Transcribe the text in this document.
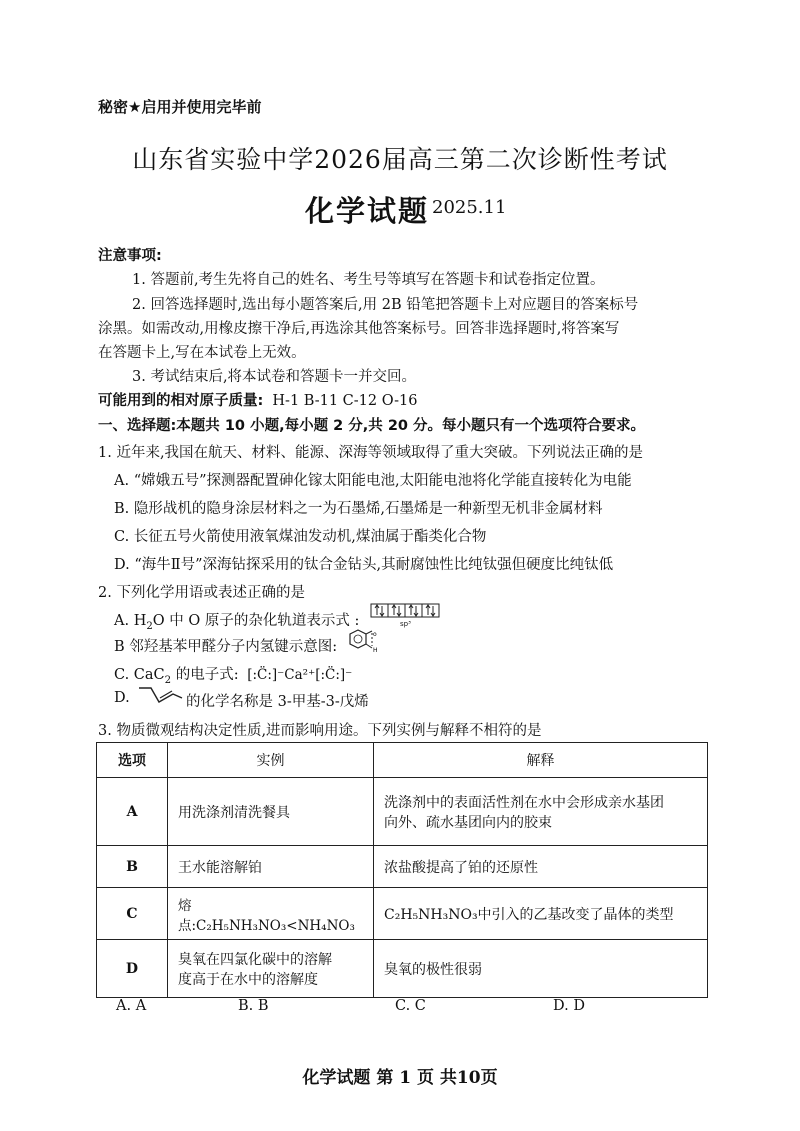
秘密★启用并使用完毕前
山东省实验中学2026届高三第二次诊断性考试
化学试题 2025.11
注意事项:
1. 答题前,考生先将自己的姓名、考生号等填写在答题卡和试卷指定位置。
2. 回答选择题时,选出每小题答案后,用 2B 铅笔把答题卡上对应题目的答案标号
涂黑。如需改动,用橡皮擦干净后,再选涂其他答案标号。回答非选择题时,将答案写
在答题卡上,写在本试卷上无效。
3. 考试结束后,将本试卷和答题卡一并交回。
可能用到的相对原子质量: H-1 B-11 C-12 O-16
一、选择题:本题共 10 小题,每小题 2 分,共 20 分。每小题只有一个选项符合要求。
1. 近年来,我国在航天、材料、能源、深海等领域取得了重大突破。下列说法正确的是
A. “嫦娥五号”探测器配置砷化镓太阳能电池,太阳能电池将化学能直接转化为电能
B. 隐形战机的隐身涂层材料之一为石墨烯,石墨烯是一种新型无机非金属材料
C. 长征五号火箭使用液氧煤油发动机,煤油属于酯类化合物
D. “海牛Ⅱ号”深海钻探采用的钛合金钻头,其耐腐蚀性比纯钛强但硬度比纯钛低
2. 下列化学用语或表述正确的是
A. $H_2O$ 中 O 原子的杂化轨道表示式 :	sp³
B 邻羟基苯甲醛分子内氢键示意图:
o
H
C. CaC$_2$ 的电子式: [:C̈:]⁻Ca²⁺[:C̈:]⁻
D.	的化学名称是 3-甲基-3-戊烯
3. 物质微观结构决定性质,进而影响用途。下列实例与解释不相符的是
选项	实例	解释
A	用洗涤剂清洗餐具	洗涤剂中的表面活性剂在水中会形成亲水基团
向外、疏水基团向内的胶束

B	王水能溶解铂	浓盐酸提高了铂的还原性
C	熔点:C₂H₅NH₃NO₃<NH₄NO₃	C₂H₅NH₃NO₃中引入的乙基改变了晶体的类型
D	臭氧在四氯化碳中的溶解
度高于在水中的溶解度	臭氧的极性很弱
A. A	B. B	C. C	D. D
化学试题 第 1 页 共10页
